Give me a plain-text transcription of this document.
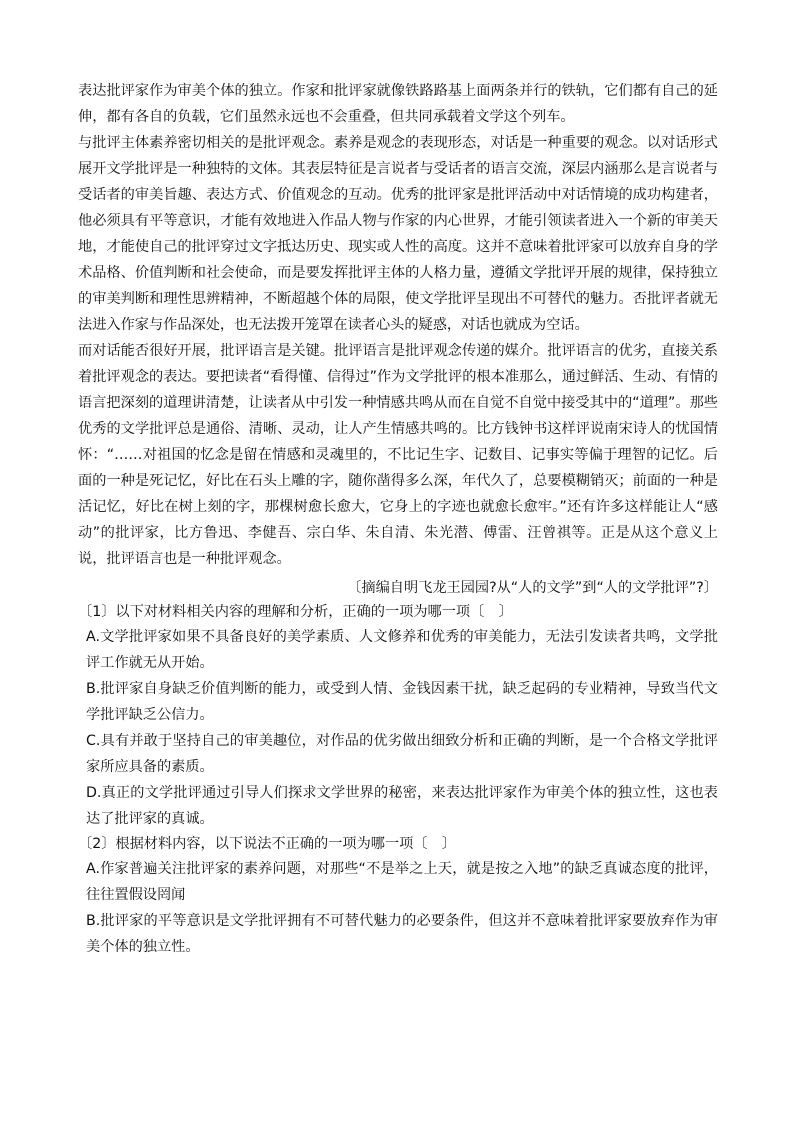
表达批评家作为审美个体的独立。作家和批评家就像铁路路基上面两条并行的铁轨，它们都有自己的延伸，都有各自的负载，它们虽然永远也不会重叠，但共同承载着文学这个列车。

与批评主体素养密切相关的是批评观念。素养是观念的表现形态，对话是一种重要的观念。以对话形式展开文学批评是一种独特的文体。其表层特征是言说者与受话者的语言交流，深层内涵那么是言说者与受话者的审美旨趣、表达方式、价值观念的互动。优秀的批评家是批评活动中对话情境的成功构建者，他必须具有平等意识，才能有效地进入作品人物与作家的内心世界，才能引领读者进入一个新的审美天地，才能使自己的批评穿过文字抵达历史、现实或人性的高度。这并不意味着批评家可以放弃自身的学术品格、价值判断和社会使命，而是要发挥批评主体的人格力量，遵循文学批评开展的规律，保持独立的审美判断和理性思辨精神，不断超越个体的局限，使文学批评呈现出不可替代的魅力。否批评者就无法进入作家与作品深处，也无法拨开笼罩在读者心头的疑惑，对话也就成为空话。

而对话能否很好开展，批评语言是关键。批评语言是批评观念传递的媒介。批评语言的优劣，直接关系着批评观念的表达。要把读者“看得懂、信得过”作为文学批评的根本准那么，通过鲜活、生动、有情的语言把深刻的道理讲清楚，让读者从中引发一种情感共鸣从而在自觉不自觉中接受其中的“道理”。那些优秀的文学批评总是通俗、清晰、灵动，让人产生情感共鸣的。比方钱钟书这样评说南宋诗人的忧国情怀：“……对祖国的忆念是留在情感和灵魂里的，不比记生字、记数目、记事实等偏于理智的记忆。后面的一种是死记忆，好比在石头上雕的字，随你凿得多么深，年代久了，总要模糊销灭；前面的一种是活记忆，好比在树上刻的字，那棵树愈长愈大，它身上的字迹也就愈长愈牢。”还有许多这样能让人“感动”的批评家，比方鲁迅、李健吾、宗白华、朱自清、朱光潜、傅雷、汪曾祺等。正是从这个意义上说，批评语言也是一种批评观念。

〔摘编自明飞龙王园园?从“人的文学”到“人的文学批评”?〕

〔1〕以下对材料相关内容的理解和分析，正确的一项为哪一项〔　〕

A.文学批评家如果不具备良好的美学素质、人文修养和优秀的审美能力，无法引发读者共鸣，文学批评工作就无从开始。

B.批评家自身缺乏价值判断的能力，或受到人情、金钱因素干扰，缺乏起码的专业精神，导致当代文学批评缺乏公信力。

C.具有并敢于坚持自己的审美趣位，对作品的优劣做出细致分析和正确的判断，是一个合格文学批评家所应具备的素质。

D.真正的文学批评通过引导人们探求文学世界的秘密，来表达批评家作为审美个体的独立性，这也表达了批评家的真诚。

〔2〕根据材料内容，以下说法不正确的一项为哪一项〔　〕

A.作家普遍关注批评家的素养问题，对那些“不是举之上天，就是按之入地”的缺乏真诚态度的批评，往往置假设罔闻

B.批评家的平等意识是文学批评拥有不可替代魅力的必要条件，但这并不意味着批评家要放弃作为审美个体的独立性。
